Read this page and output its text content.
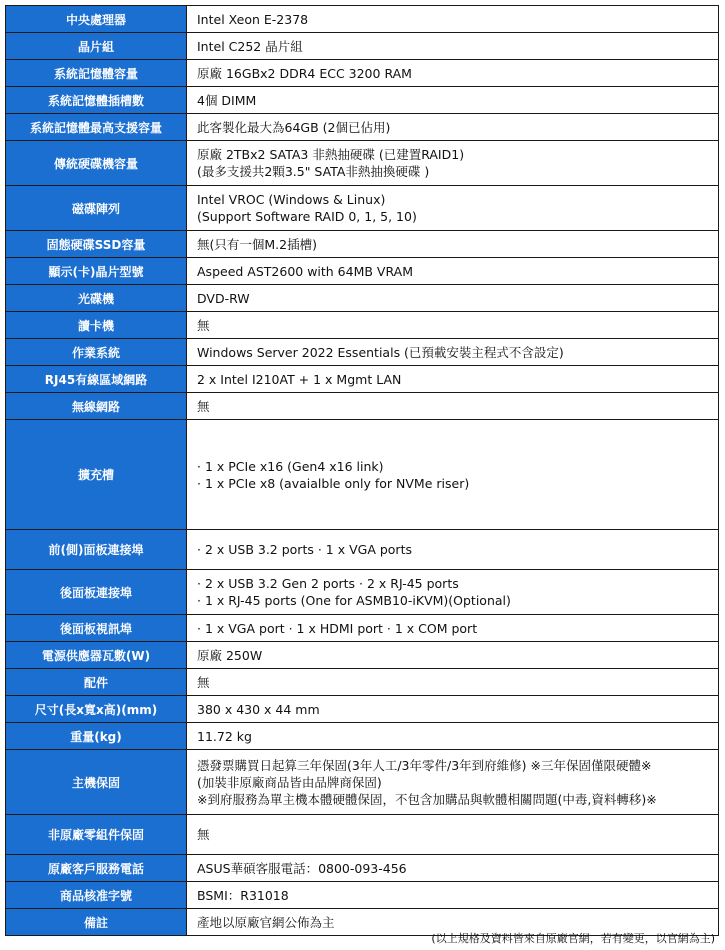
中央處理器	Intel Xeon E-2378

晶片組	Intel C252 晶片組

系統記憶體容量	原廠 16GBx2 DDR4 ECC 3200 RAM

系統記憶體插槽數	4個 DIMM

系統記憶體最高支援容量	此客製化最大為64GB (2個已佔用)

傳統硬碟機容量	原廠 2TBx2 SATA3 非熱抽硬碟 (已建置RAID1)
(最多支援共2顆3.5" SATA非熱抽換硬碟 )

磁碟陣列	Intel VROC (Windows & Linux)
(Support Software RAID 0, 1, 5, 10)

固態硬碟SSD容量	無(只有一個M.2插槽)

顯示(卡)晶片型號	Aspeed AST2600 with 64MB VRAM

光碟機	DVD-RW

讀卡機	無

作業系統	Windows Server 2022 Essentials (已預載安裝主程式不含設定)

RJ45有線區域網路	2 x Intel I210AT + 1 x Mgmt LAN

無線網路	無

擴充槽	· 1 x PCIe x16 (Gen4 x16 link)
· 1 x PCIe x8 (avaialble only for NVMe riser)

前(側)面板連接埠	· 2 x USB 3.2 ports · 1 x VGA ports

後面板連接埠	· 2 x USB 3.2 Gen 2 ports · 2 x RJ-45 ports
· 1 x RJ-45 ports (One for ASMB10-iKVM)(Optional)

後面板視訊埠	· 1 x VGA port · 1 x HDMI port · 1 x COM port

電源供應器瓦數(W)	原廠 250W

配件	無

尺寸(長x寬x高)(mm)	380 x 430 x 44 mm

重量(kg)	11.72 kg

主機保固	憑發票購買日起算三年保固(3年人工/3年零件/3年到府維修) ※三年保固僅限硬體※
(加裝非原廠商品皆由品牌商保固)
※到府服務為單主機本體硬體保固，不包含加購品與軟體相關問題(中毒,資料轉移)※

非原廠零組件保固	無

原廠客戶服務電話	ASUS華碩客服電話：0800-093-456

商品核准字號	BSMI：R31018

備註	產地以原廠官網公佈為主
(以上規格及資料皆來自原廠官網，若有變更，以官網為主)
